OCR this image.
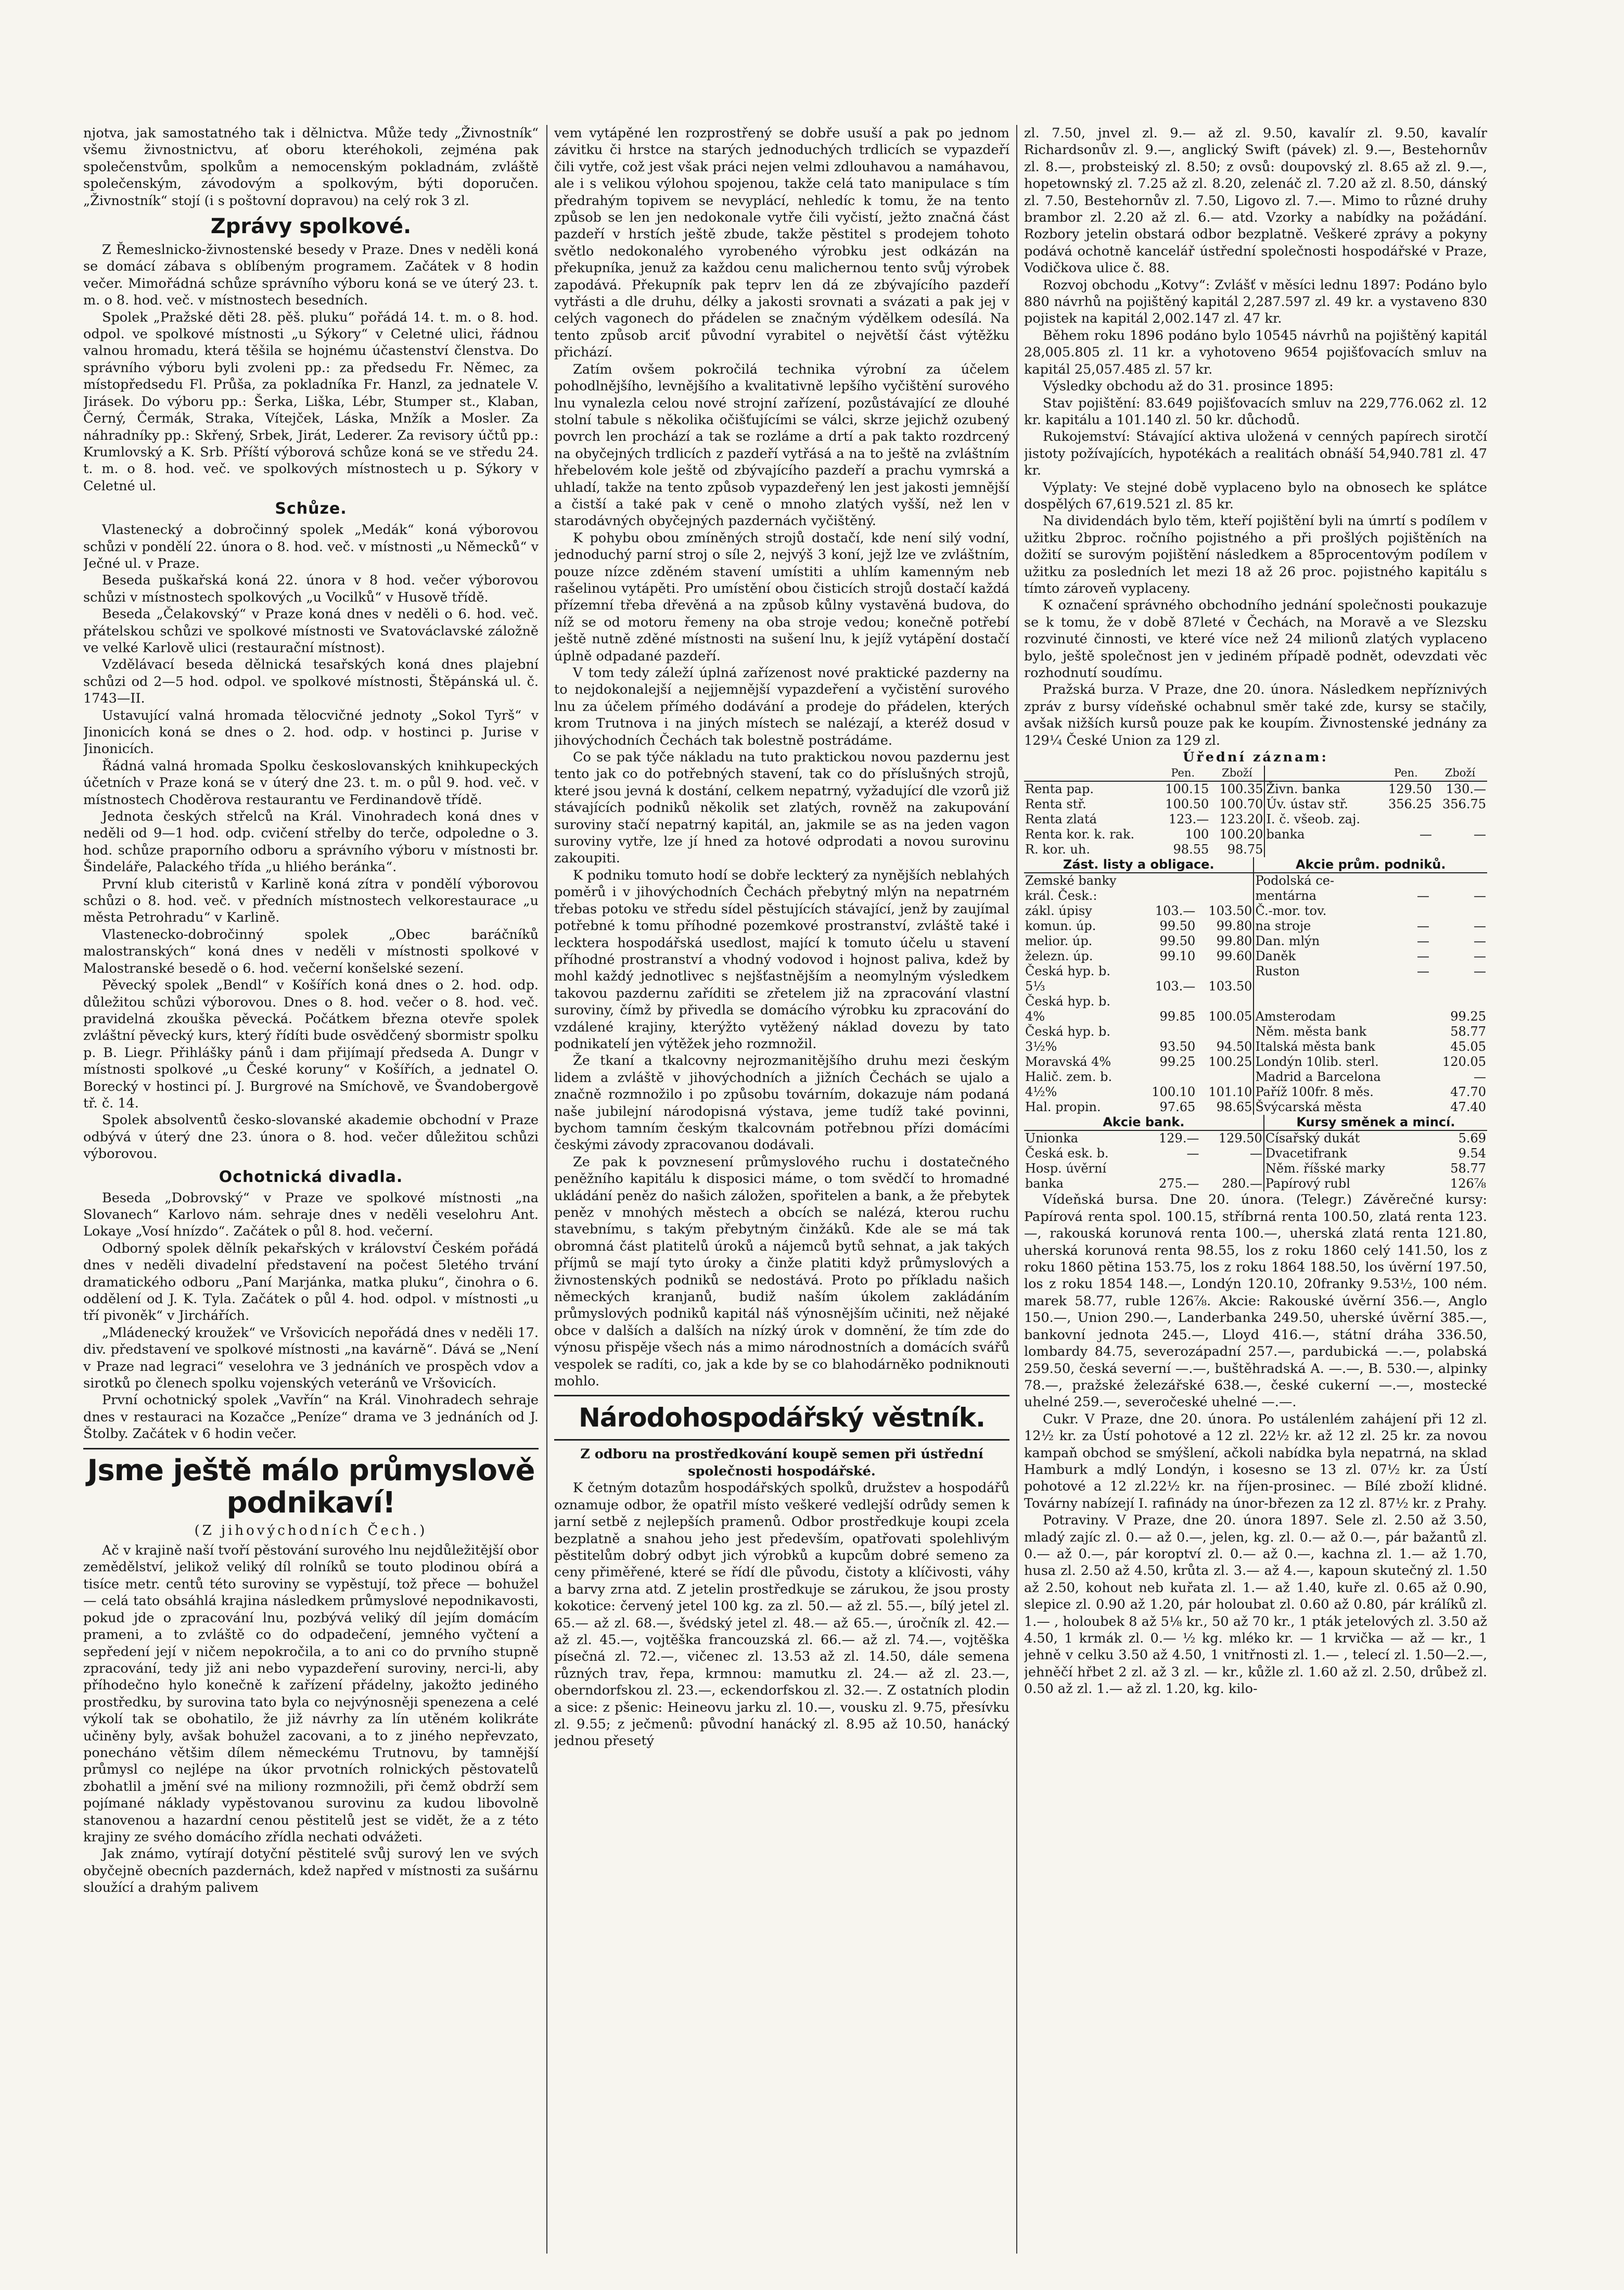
njotva, jak samostatného tak i dělnictva. Může tedy „Živnostník“ všemu živnostnictvu, ať oboru kteréhokoli, zejména pak společenstvům, spolkům a nemocenským pokladnám, zvláště společenským, závodovým a spolkovým, býti doporučen. „Živnostník“ stojí (i s poštovní dopravou) na celý rok 3 zl.

Zprávy spolkové.

Z Řemeslnicko-živnostenské besedy v Praze. Dnes v neděli koná se domácí zábava s oblíbeným programem. Začátek v 8 hodin večer. Mimořádná schůze správního výboru koná se ve úterý 23. t. m. o 8. hod. več. v místnostech besedních.

Spolek „Pražské děti 28. pěš. pluku“ pořádá 14. t. m. o 8. hod. odpol. ve spolkové místnosti „u Sýkory“ v Celetné ulici, řádnou valnou hromadu, která těšila se hojnému účastenství členstva. Do správního výboru byli zvoleni pp.: za předsedu Fr. Němec, za místopředsedu Fl. Průša, za pokladníka Fr. Hanzl, za jednatele V. Jirásek. Do výboru pp.: Šerka, Liška, Lébr, Stumper st., Klaban, Černý, Čermák, Straka, Vítejček, Láska, Mnžík a Mosler. Za náhradníky pp.: Skřený, Srbek, Jirát, Lederer. Za revisory účtů pp.: Krumlovský a K. Srb. Příští výborová schůze koná se ve středu 24. t. m. o 8. hod. več. ve spolkových místnostech u p. Sýkory v Celetné ul.

Schůze.

Vlastenecký a dobročinný spolek „Medák“ koná výborovou schůzi v pondělí 22. února o 8. hod. več. v místnosti „u Německů“ v Ječné ul. v Praze.

Beseda puškařská koná 22. února v 8 hod. večer výborovou schůzi v místnostech spolkových „u Vocilků“ v Husově třídě.

Beseda „Čelakovský“ v Praze koná dnes v neděli o 6. hod. več. přátelskou schůzi ve spolkové místnosti ve Svatováclavské záložně ve velké Karlově ulici (restaurační místnost).

Vzdělávací beseda dělnická tesařských koná dnes plajební schůzi od 2—5 hod. odpol. ve spolkové místnosti, Štěpánská ul. č. 1743—II.

Ustavující valná hromada tělocvičné jednoty „Sokol Tyrš“ v Jinonicích koná se dnes o 2. hod. odp. v hostinci p. Jurise v Jinonicích.

Řádná valná hromada Spolku českoslovanských knihkupeckých účetních v Praze koná se v úterý dne 23. t. m. o půl 9. hod. več. v místnostech Choděrova restaurantu ve Ferdinandově třídě.

Jednota českých střelců na Král. Vinohradech koná dnes v neděli od 9—1 hod. odp. cvičení střelby do terče, odpoledne o 3. hod. schůze praporního odboru a správního výboru v místnosti br. Šindeláře, Palackého třída „u hliého beránka“.

První klub citeristů v Karlině koná zítra v pondělí výborovou schůzi o 8. hod. več. v předních místnostech velkorestaurace „u města Petrohradu“ v Karlině.

Vlastenecko-dobročinný spolek „Obec baráčníků malostranských“ koná dnes v neděli v místnosti spolkové v Malostranské besedě o 6. hod. večerní konšelské sezení.

Pěvecký spolek „Bendl“ v Košířích koná dnes o 2. hod. odp. důležitou schůzi výborovou. Dnes o 8. hod. večer o 8. hod. več. pravidelná zkouška pěvecká. Počátkem března otevře spolek zvláštní pěvecký kurs, který řídíti bude osvědčený sbormistr spolku p. B. Liegr. Přihlášky pánů i dam přijímají předseda A. Dungr v místnosti spolkové „u České koruny“ v Košířích, a jednatel O. Borecký v hostinci pí. J. Burgrové na Smíchově, ve Švandobergově tř. č. 14.

Spolek absolventů česko-slovanské akademie obchodní v Praze odbývá v úterý dne 23. února o 8. hod. večer důležitou schůzi výborovou.

Ochotnická divadla.

Beseda „Dobrovský“ v Praze ve spolkové místnosti „na Slovanech“ Karlovo nám. sehraje dnes v neděli veselohru Ant. Lokaye „Vosí hnízdo“. Začátek o půl 8. hod. večerní.

Odborný spolek dělník pekařských v království Českém pořádá dnes v neděli divadelní představení na počest 5letého trvání dramatického odboru „Paní Marjánka, matka pluku“, činohra o 6. oddělení od J. K. Tyla. Začátek o půl 4. hod. odpol. v místnosti „u tří pivoněk“ v Jirchářích.

„Mládenecký kroužek“ ve Vršovicích nepořádá dnes v neděli 17. div. představení ve spolkové místnosti „na kavárně“. Dává se „Není v Praze nad legraci“ veselohra ve 3 jednáních ve prospěch vdov a sirotků po členech spolku vojenských veteránů ve Vršovicích.

První ochotnický spolek „Vavřín“ na Král. Vinohradech sehraje dnes v restauraci na Kozačce „Peníze“ drama ve 3 jednáních od J. Štolby. Začátek v 6 hodin večer.

Jsme ještě málo průmyslově podnikaví!

(Z jihovýchodních Čech.)

Ač v krajině naší tvoří pěstování surového lnu nejdůležitější obor zemědělství, jelikož veliký díl rolníků se touto plodinou obírá a tisíce metr. centů této suroviny se vypěstují, tož přece — bohužel — celá tato obsáhlá krajina následkem průmyslové nepodnikavosti, pokud jde o zpracování lnu, pozbývá veliký díl jejím domácím prameni, a to zvláště co do odpadečení, jemného vyčtení a sepředení její v ničem nepokročila, a to ani co do prvního stupně zpracování, tedy již ani nebo vypazdeření suroviny, nerci-li, aby příhodečno hylo konečně k zařízení přádelny, jakožto jediného prostředku, by surovina tato byla co nejvýnosněji spenezena a celé výkolí tak se obohatilo, že již návrhy za lín utěném kolikráte učiněny byly, avšak bohužel zacovani, a to z jiného nepřevzato, ponecháno většim dílem německému Trutnovu, by tamnější průmysl co nejlépe na úkor prvotních rolnických pěstovatelů zbohatlil a jmění své na miliony rozmnožili, při čemž obdrží sem pojímané náklady vypěstovanou surovinu za kudou libovolně stanovenou a hazardní cenou pěstitelů jest se vidět, že a z této krajiny ze svého domácího zřídla nechati odvážeti.

Jak známo, vytírají dotyční pěstitelé svůj surový len ve svých obyčejně obecních pazdernách, kdež napřed v místnosti za sušárnu sloužící a drahým palivem

vem vytápěné len rozprostřený se dobře usuší a pak po jednom závitku či hrstce na starých jednoduchých trdlicích se vypazdeří čili vytře, což jest však práci nejen velmi zdlouhavou a namáhavou, ale i s velikou výlohou spojenou, takže celá tato manipulace s tím předrahým topivem se nevyplácí, nehledíc k tomu, že na tento způsob se len jen nedokonale vytře čili vyčistí, ježto značná část pazdeří v hrstích ještě zbude, takže pěstitel s prodejem tohoto světlo nedokonalého vyrobeného výrobku jest odkázán na překupníka, jenuž za každou cenu malichernou tento svůj výrobek zapodává. Překupník pak teprv len dá ze zbývajícího pazdeří vytřásti a dle druhu, délky a jakosti srovnati a svázati a pak jej v celých vagonech do přádelen se značným výdělkem odesílá. Na tento způsob arciť původní vyrabitel o největší část výtěžku přichází.

Zatím ovšem pokročilá technika výrobní za účelem pohodlnějšího, levnějšího a kvalitativně lepšího vyčištění surového lnu vynalezla celou nové strojní zařízení, pozůstávající ze dlouhé stolní tabule s několika očišťujícími se válci, skrze jejichž ozubený povrch len prochází a tak se rozláme a drtí a pak takto rozdrcený na obyčejných trdlicích z pazdeří vytřásá a na to ještě na zvláštním hřebelovém kole ještě od zbývajícího pazdeří a prachu vymrská a uhladí, takže na tento způsob vypazdeřený len jest jakosti jemnější a čistší a také pak v ceně o mnoho zlatých vyšší, než len v starodávných obyčejných pazdernách vyčištěný.

K pohybu obou zmíněných strojů dostačí, kde není silý vodní, jednoduchý parní stroj o síle 2, nejvýš 3 koní, jejž lze ve zvláštním, pouze nízce zděném stavení umístiti a uhlím kamenným neb rašelinou vytápěti. Pro umístění obou čisticích strojů dostačí každá přízemní třeba dřevěná a na způsob kůlny vystavěná budova, do níž se od motoru řemeny na oba stroje vedou; konečně potřebí ještě nutně zděné místnosti na sušení lnu, k jejíž vytápění dostačí úplně odpadané pazdeří.

V tom tedy záleží úplná zařízenost nové praktické pazderny na to nejdokonalejší a nejjemnější vypazdeření a vyčistění surového lnu za účelem přímého dodávání a prodeje do přádelen, kterých krom Trutnova i na jiných místech se nalézají, a kteréž dosud v jihovýchodních Čechách tak bolestně postrádáme.

Co se pak týče nákladu na tuto praktickou novou pazdernu jest tento jak co do potřebných stavení, tak co do příslušných strojů, které jsou jevná k dostání, celkem nepatrný, vyžadující dle vzorů již stávajících podniků několik set zlatých, rovněž na zakupování suroviny stačí nepatrný kapitál, an, jakmile se as na jeden vagon suroviny vytře, lze jí hned za hotové odprodati a novou surovinu zakoupiti.

K podniku tomuto hodí se dobře leckterý za nynějších neblahých poměrů i v jihovýchodních Čechách přebytný mlýn na nepatrném třebas potoku ve středu sídel pěstujících stávající, jenž by zaujímal potřebné k tomu příhodné pozemkové prostranství, zvláště také i lecktera hospodářská usedlost, mající k tomuto účelu u stavení příhodné prostranství a vhodný vodovod i hojnost paliva, kdež by mohl každý jednotlivec s nejšťastnějším a neomylným výsledkem takovou pazdernu zaříditi se zřetelem již na zpracování vlastní suroviny, čímž by přivedla se domácího výrobku ku zpracování do vzdálené krajiny, kterýžto vytěžený náklad dovezu by tato podnikatelí jen výtěžek jeho rozmnožil.

Že tkaní a tkalcovny nejrozmanitějšího druhu mezi českým lidem a zvláště v jihovýchodních a jižních Čechách se ujalo a značně rozmnožilo i po způsobu továrním, dokazuje nám podaná naše jubilejní národopisná výstava, jeme tudíž také povinni, bychom tamním českým tkalcovnám potřebnou přízi domácími českými závody zpracovanou dodávali.

Ze pak k povznesení průmyslového ruchu i dostatečného peněžního kapitálu k disposici máme, o tom svědčí to hromadné ukládání peněz do našich záložen, spořitelen a bank, a že přebytek peněz v mnohých městech a obcích se nalézá, kterou ruchu stavebnímu, s takým přebytným činžáků. Kde ale se má tak obromná část platitelů úroků a nájemců bytů sehnat, a jak takých příjmů se mají tyto úroky a činže platiti když průmyslových a živnostenských podniků se nedostává. Proto po příkladu našich německých kranjanů, budiž naším úkolem zakládáním průmyslových podniků kapitál náš výnosnějším učiniti, než nějaké obce v dalších a dalších na nízký úrok v domnění, že tím zde do výnosu přispěje všech nás a mimo národnostních a domácích svářů vespolek se radíti, co, jak a kde by se co blahodárněko podniknouti mohlo.

Národohospodářský věstník.

Z odboru na prostředkování koupě semen při ústřední společnosti hospodářské.

K četným dotazům hospodářských spolků, družstev a hospodářů oznamuje odbor, že opatřil místo veškeré vedlejší odrůdy semen k jarní setbě z nejlepších pramenů. Odbor prostředkuje koupi zcela bezplatně a snahou jeho jest především, opatřovati spolehlivým pěstitelům dobrý odbyt jich výrobků a kupcům dobré semeno za ceny přiměřené, které se řídí dle původu, čistoty a klíčivosti, váhy a barvy zrna atd. Z jetelin prostředkuje se zárukou, že jsou prosty kokotice: červený jetel 100 kg. za zl. 50.— až zl. 55.—, bílý jetel zl. 65.— až zl. 68.—, švédský jetel zl. 48.— až 65.—, úročník zl. 42.— až zl. 45.—, vojtěška francouzská zl. 66.— až zl. 74.—, vojtěška písečná zl. 72.—, vičenec zl. 13.53 až zl. 14.50, dále semena různých trav, řepa, krmnou: mamutku zl. 24.— až zl. 23.—, oberndorfskou zl. 23.—, eckendorfskou zl. 32.—. Z ostatních plodin a sice: z pšenic: Heineovu jarku zl. 10.—, vousku zl. 9.75, přesívku zl. 9.55; z ječmenů: původní hanácký zl. 8.95 až 10.50, hanácký jednou přesetý

zl. 7.50, jnvel zl. 9.— až zl. 9.50, kavalír zl. 9.50, kavalír Richardsonův zl. 9.—, anglický Swift (pávek) zl. 9.—, Bestehornův zl. 8.—, probsteiský zl. 8.50; z ovsů: doupovský zl. 8.65 až zl. 9.—, hopetownský zl. 7.25 až zl. 8.20, zelenáč zl. 7.20 až zl. 8.50, dánský zl. 7.50, Bestehornův zl. 7.50, Ligovo zl. 7.—. Mimo to různé druhy brambor zl. 2.20 až zl. 6.— atd. Vzorky a nabídky na požádání. Rozbory jetelin obstará odbor bezplatně. Veškeré zprávy a pokyny podává ochotně kancelář ústřední společnosti hospodářské v Praze, Vodičkova ulice č. 88.

Rozvoj obchodu „Kotvy“: Zvlášť v měsíci lednu 1897: Podáno bylo 880 návrhů na pojištěný kapitál 2,287.597 zl. 49 kr. a vystaveno 830 pojistek na kapitál 2,002.147 zl. 47 kr.

Během roku 1896 podáno bylo 10545 návrhů na pojištěný kapitál 28,005.805 zl. 11 kr. a vyhotoveno 9654 pojišťovacích smluv na kapitál 25,057.485 zl. 57 kr.

Výsledky obchodu až do 31. prosince 1895:

Stav pojištění: 83.649 pojišťovacích smluv na 229,776.062 zl. 12 kr. kapitálu a 101.140 zl. 50 kr. důchodů.

Rukojemství: Stávající aktiva uložená v cenných papírech sirotčí jistoty požívajících, hypotékách a realitách obnáší 54,940.781 zl. 47 kr.

Výplaty: Ve stejné době vyplaceno bylo na obnosech ke splátce dospělých 67,619.521 zl. 85 kr.

Na dividendách bylo těm, kteří pojištění byli na úmrtí s podílem v užitku 2bproc. ročního pojistného a při prošlých pojištěních na dožití se surovým pojištění následkem a 85procentovým podílem v užitku za posledních let mezi 18 až 26 proc. pojistného kapitálu s tímto zároveň vyplaceny.

K označení správného obchodního jednání společnosti poukazuje se k tomu, že v době 87leté v Čechách, na Moravě a ve Slezsku rozvinuté činnosti, ve které více než 24 milionů zlatých vyplaceno bylo, ještě společnost jen v jediném případě podnět, odevzdati věc rozhodnutí soudímu.

Pražská burza. V Praze, dne 20. února. Následkem nepříznivých zpráv z bursy vídeňské ochabnul směr také zde, kursy se stačily, avšak nižších kursů pouze pak ke koupím. Živnostenské jednány za 129¼ České Union za 129 zl.

Úřední záznam:

	Pen.	Zboží		Pen.	Zboží
Renta pap.	100.15	100.35	Živn. banka	129.50	130.—
Renta stř.	100.50	100.70	Úv. ústav stř.	356.25	356.75
Renta zlatá	123.—	123.20	I. č. všeob. zaj.		
Renta kor. k. rak.	100	100.20	banka	—	—
R. kor. uh.	98.55	98.75			
Zást. listy a obligace.			Akcie prům. podniků.		
Zemské banky			Podolská ce-		
král. Česk.:			mentárna	—	—
zákl. úpisy	103.—	103.50	Č.-mor. tov.		
komun. úp.	99.50	99.80	na stroje	—	—
melior. úp.	99.50	99.80	Dan. mlýn	—	—
železn. úp.	99.10	99.60	Daněk	—	—
Česká hyp. b.			Ruston	—	—
5⅓	103.—	103.50			
Česká hyp. b.					
4%	99.85	100.05	Amsterodam		99.25
Česká hyp. b.			Něm. města bank		58.77
3½%	93.50	94.50	Italská města bank		45.05
Moravská 4%	99.25	100.25	Londýn 10lib. sterl.		120.05
Halič. zem. b.			Madrid a Barcelona		—
4½%	100.10	101.10	Paříž 100fr. 8 měs.		47.70
Hal. propin.	97.65	98.65	Švýcarská města		47.40
Akcie bank.			Kursy směnek a mincí.		
Unionka	129.—	129.50	Císařský dukát		5.69
Česká esk. b.	—	—	Dvacetifrank		9.54
Hosp. úvěrní			Něm. říšské marky		58.77
banka	275.—	280.—	Papírový rubl		126⅞

Vídeňská bursa. Dne 20. února. (Telegr.) Závěrečné kursy: Papírová renta spol. 100.15, stříbrná renta 100.50, zlatá renta 123.—, rakouská korunová renta 100.—, uherská zlatá renta 121.80, uherská korunová renta 98.55, los z roku 1860 celý 141.50, los z roku 1860 pětina 153.75, los z roku 1864 188.50, los úvěrní 197.50, los z roku 1854 148.—, Londýn 120.10, 20franky 9.53½, 100 ném. marek 58.77, ruble 126⅞. Akcie: Rakouské úvěrní 356.—, Anglo 150.—, Union 290.—, Landerbanka 249.50, uherské úvěrní 385.—, bankovní jednota 245.—, Lloyd 416.—, státní dráha 336.50, lombardy 84.75, severozápadní 257.—, pardubická —.—, polabská 259.50, česká severní —.—, buštěhradská A. —.—, B. 530.—, alpinky 78.—, pražské železářské 638.—, české cukerní —.—, mostecké uhelné 259.—, severočeské uhelné —.—.

Cukr. V Praze, dne 20. února. Po ustálenlém zahájení při 12 zl. 12½ kr. za Ústí pohotové a 12 zl. 22½ kr. až 12 zl. 25 kr. za novou kampaň obchod se smýšlení, ačkoli nabídka byla nepatrná, na sklad Hamburk a mdlý Londýn, i kosesno se 13 zl. 07½ kr. za Ústí pohotové a 12 zl.22½ kr. na říjen-prosinec. — Bílé zboží klidné. Továrny nabízejí I. rafinády na únor-březen za 12 zl. 87½ kr. z Prahy.

Potraviny. V Praze, dne 20. února 1897. Sele zl. 2.50 až 3.50, mladý zajíc zl. 0.— až 0.—, jelen, kg. zl. 0.— až 0.—, pár bažantů zl. 0.— až 0.—, pár koroptví zl. 0.— až 0.—, kachna zl. 1.— až 1.70, husa zl. 2.50 až 4.50, krůta zl. 3.— až 4.—, kapoun skutečný zl. 1.50 až 2.50, kohout neb kuřata zl. 1.— až 1.40, kuře zl. 0.65 až 0.90, slepice zl. 0.90 až 1.20, pár holoubat zl. 0.60 až 0.80, pár králíků zl. 1.— , holoubek 8 až 5⅛ kr., 50 až 70 kr., 1 pták jetelových zl. 3.50 až 4.50, 1 krmák zl. 0.— ½ kg. mléko kr. — 1 krvička — až — kr., 1 jehně v celku 3.50 až 4.50, 1 vnitřnosti zl. 1.— , telecí zl. 1.50—2.—, jehněčí hřbet 2 zl. až 3 zl. — kr., kůžle zl. 1.60 až zl. 2.50, drůbež zl. 0.50 až zl. 1.— až zl. 1.20, kg. kilo-
